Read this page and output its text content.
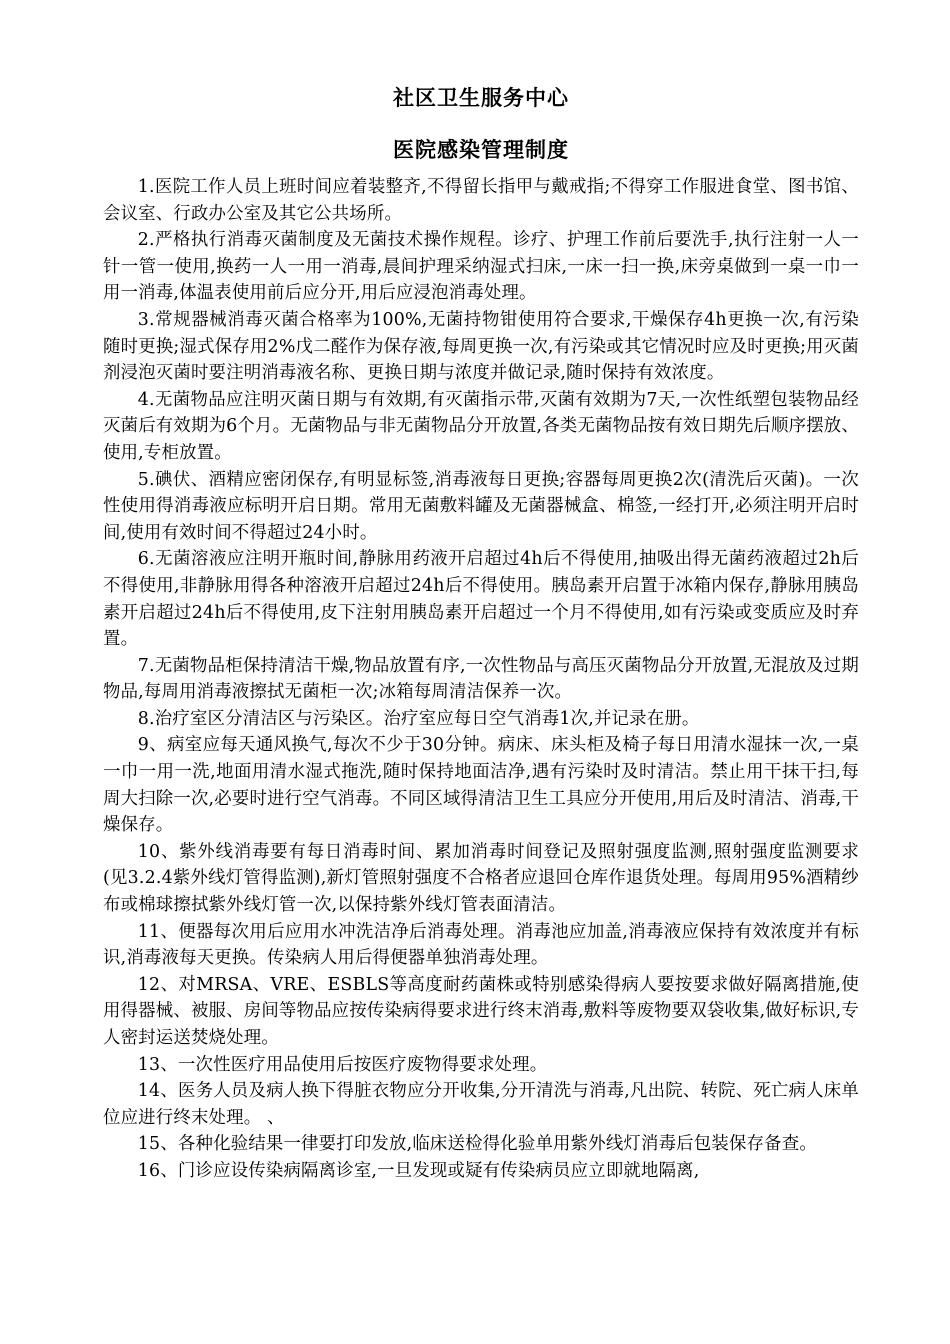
社区卫生服务中心
医院感染管理制度

1.医院工作人员上班时间应着装整齐,不得留长指甲与戴戒指;不得穿工作服进食堂、图书馆、会议室、行政办公室及其它公共场所。

2.严格执行消毒灭菌制度及无菌技术操作规程。诊疗、护理工作前后要洗手,执行注射一人一针一管一使用,换药一人一用一消毒,晨间护理采纳湿式扫床,一床一扫一换,床旁桌做到一桌一巾一用一消毒,体温表使用前后应分开,用后应浸泡消毒处理。

3.常规器械消毒灭菌合格率为100%,无菌持物钳使用符合要求,干燥保存4h更换一次,有污染随时更换;湿式保存用2%戊二醛作为保存液,每周更换一次,有污染或其它情况时应及时更换;用灭菌剂浸泡灭菌时要注明消毒液名称、更换日期与浓度并做记录,随时保持有效浓度。

4.无菌物品应注明灭菌日期与有效期,有灭菌指示带,灭菌有效期为7天,一次性纸塑包装物品经灭菌后有效期为6个月。无菌物品与非无菌物品分开放置,各类无菌物品按有效日期先后顺序摆放、使用,专柜放置。

5.碘伏、酒精应密闭保存,有明显标签,消毒液每日更换;容器每周更换2次(清洗后灭菌)。一次性使用得消毒液应标明开启日期。常用无菌敷料罐及无菌器械盒、棉签,一经打开,必须注明开启时间,使用有效时间不得超过24小时。

6.无菌溶液应注明开瓶时间,静脉用药液开启超过4h后不得使用,抽吸出得无菌药液超过2h后不得使用,非静脉用得各种溶液开启超过24h后不得使用。胰岛素开启置于冰箱内保存,静脉用胰岛素开启超过24h后不得使用,皮下注射用胰岛素开启超过一个月不得使用,如有污染或变质应及时弃置。

7.无菌物品柜保持清洁干燥,物品放置有序,一次性物品与高压灭菌物品分开放置,无混放及过期物品,每周用消毒液擦拭无菌柜一次;冰箱每周清洁保养一次。

8.治疗室区分清洁区与污染区。治疗室应每日空气消毒1次,并记录在册。

9、病室应每天通风换气,每次不少于30分钟。病床、床头柜及椅子每日用清水湿抹一次,一桌一巾一用一洗,地面用清水湿式拖洗,随时保持地面洁净,遇有污染时及时清洁。禁止用干抹干扫,每周大扫除一次,必要时进行空气消毒。不同区域得清洁卫生工具应分开使用,用后及时清洁、消毒,干燥保存。

10、紫外线消毒要有每日消毒时间、累加消毒时间登记及照射强度监测,照射强度监测要求(见3.2.4紫外线灯管得监测),新灯管照射强度不合格者应退回仓库作退货处理。每周用95%酒精纱布或棉球擦拭紫外线灯管一次,以保持紫外线灯管表面清洁。

11、便器每次用后应用水冲洗洁净后消毒处理。消毒池应加盖,消毒液应保持有效浓度并有标识,消毒液每天更换。传染病人用后得便器单独消毒处理。

12、对MRSA、VRE、ESBLS等高度耐药菌株或特别感染得病人要按要求做好隔离措施,使用得器械、被服、房间等物品应按传染病得要求进行终末消毒,敷料等废物要双袋收集,做好标识,专人密封运送焚烧处理。

13、一次性医疗用品使用后按医疗废物得要求处理。

14、医务人员及病人换下得脏衣物应分开收集,分开清洗与消毒,凡出院、转院、死亡病人床单位应进行终末处理。 、

15、各种化验结果一律要打印发放,临床送检得化验单用紫外线灯消毒后包装保存备查。

16、门诊应设传染病隔离诊室,一旦发现或疑有传染病员应立即就地隔离,
